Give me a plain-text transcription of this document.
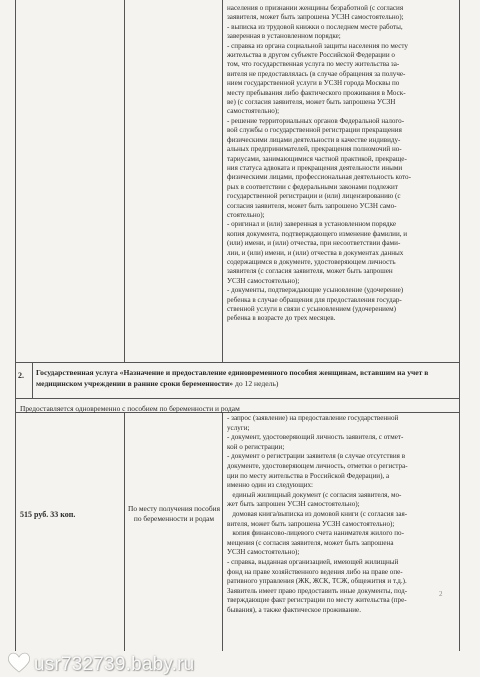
населения о признании женщины безработной (с согласия
заявителя, может быть запрошена УСЗН самостоятельно);
- выписка из трудовой книжки о последнем месте работы,
заверенная в установленном порядке;
- справка из органа социальной защиты населения по месту
жительства в другом субъекте Российской Федерации о
том, что государственная услуга по месту жительства за-
вителя не предоставлялась (в случае обращения за получе-
нием государственной услуги в УСЗН города Москвы по
месту пребывания либо фактического проживания в Моск-
ве) (с согласия заявителя, может быть запрошена УСЗН
самостоятельно);
- решение территориальных органов Федеральной налого-
вой службы о государственной регистрации прекращения
физическими лицами деятельности в качестве индивиду-
альных предпринимателей, прекращения полномочий но-
тариусами, занимающимися частной практикой, прекраще-
ния статуса адвоката и прекращения деятельности иными
физическими лицами, профессиональная деятельность кото-
рых в соответствии с федеральными законами подлежит
государственной регистрации и (или) лицензированию (с
согласия заявителя, может быть запрошено УСЗН само-
стоятельно);
- оригинал и (или) заверенная в установленном порядке
копия документа, подтверждающего изменение фамилии, и
(или) имени, и (или) отчества, при несоответствии фами-
лии, и (или) имени, и (или) отчества в документах данных
содержащимся в документе, удостоверяющем личность
заявителя (с согласия заявителя, может быть запрошен
УСЗН самостоятельно);
- документы, подтверждающие усыновление (удочерение)
ребенка в случае обращения для предоставления государ-
ственной услуги в связи с усыновлением (удочерением)
ребенка в возрасте до трех месяцев.
2. Государственная услуга «Назначение и предоставление единовременного пособия женщинам, вставшим на учет в медицинском учреждении в ранние сроки беременности» до 12 недель)
Предоставляется одновременно с пособием по беременности и родам
515 руб. 33 коп.
По месту получения пособия по беременности и родам
- запрос (заявление) на предоставление государственной
услуги;
- документ, удостоверяющий личность заявителя, с отмет-
кой о регистрации;
- документ о регистрации заявителя (в случае отсутствия в
документе, удостоверяющем личность, отметки о регистра-
ции по месту жительства в Российской Федерации), а
именно один из следующих:
единый жилищный документ (с согласия заявителя, мо-
жет быть запрошен УСЗН самостоятельно);
домовая книга/выписка из домовой книги (с согласия зая-
вителя, может быть запрошена УСЗН самостоятельно);
копия финансово-лицевого счета нанимателя жилого по-
мещения (с согласия заявителя, может быть запрошена
УСЗН самостоятельно);
- справка, выданная организацией, имеющей жилищный
фонд на праве хозяйственного ведения либо на праве опе-
ративного управления (ЖК, ЖСК, ТСЖ, общежития и т.д.).
Заявитель имеет право предоставить иные документы, под-
тверждающие факт регистрации по месту жительства (пре-
бывания), а также фактическое проживание.
2
usr732739.baby.ru
